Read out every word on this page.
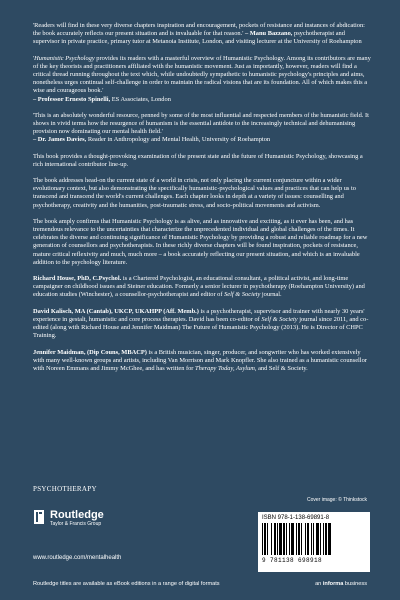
'Readers will find in these very diverse chapters inspiration and encouragement, pockets of resistance and instances of abdication: the book accurately reflects our present situation and is invaluable for that reason.' – Manu Bazzano, psychotherapist and supervisor in private practice, primary tutor at Metanoia Institute, London, and visiting lecturer at the University of Roehampton

'Humanistic Psychology provides its readers with a masterful overview of Humanistic Psychology. Among its contributors are many of the key theorists and practitioners affiliated with the humanistic movement. Just as importantly, however, readers will find a critical thread running throughout the text which, while undoubtedly sympathetic to humanistic psychology's principles and aims, nonetheless urges continual self-challenge in order to maintain the radical visions that are its foundation. All of which makes this a wise and courageous book.'
– Professor Ernesto Spinelli, ES Associates, London

'This is an absolutely wonderful resource, penned by some of the most influential and respected members of the humanistic field. It shows in vivid terms how the resurgence of humanism is the essential antidote to the increasingly technical and dehumanising provision now dominating our mental health field.'
– Dr. James Davies, Reader in Anthropology and Mental Health, University of Roehampton

This book provides a thought-provoking examination of the present state and the future of Humanistic Psychology, showcasing a rich international contributor line-up.

The book addresses head-on the current state of a world in crisis, not only placing the current conjuncture within a wider evolutionary context, but also demonstrating the specifically humanistic-psychological values and practices that can help us to transcend and transcend the world's current challenges. Each chapter looks in depth at a variety of issues: counselling and psychotherapy, creativity and the humanities, post-traumatic stress, and socio-political movements and activism.

The book amply confirms that Humanistic Psychology is as alive, and as innovative and exciting, as it ever has been, and has tremendous relevance to the uncertainties that characterize the unprecedented individual and global challenges of the times. It celebrates the diverse and continuing significance of Humanistic Psychology by providing a robust and reliable roadmap for a new generation of counsellors and psychotherapists. In these richly diverse chapters will be found inspiration, pockets of resistance, mature critical reflexivity and much, much more – a book accurately reflecting our present situation, and which is an invaluable addition to the psychology literature.

Richard House, PhD, C.Psychol. is a Chartered Psychologist, an educational consultant, a political activist, and long-time campaigner on childhood issues and Steiner education. Formerly a senior lecturer in psychotherapy (Roehampton University) and education studies (Winchester), a counsellor-psychotherapist and editor of Self & Society journal.

David Kalisch, MA (Cantab), UKCP, UKAHPP (Aff. Memb.) is a psychotherapist, supervisor and trainer with nearly 30 years' experience in gestalt, humanistic and core process therapies. David has been co-editor of Self & Society journal since 2011, and co-edited (along with Richard House and Jennifer Maidman) The Future of Humanistic Psychology (2013). He is Director of CHPC Training.

Jennifer Maidman, (Dip Couns, MBACP) is a British musician, singer, producer, and songwriter who has worked extensively with many well-known groups and artists, including Van Morrison and Mark Knopfler. She also trained as a humanistic counsellor with Noreen Emmans and Jimmy McGhee, and has written for Therapy Today, Asylum, and Self & Society.

PSYCHOTHERAPY
Cover image: © Thinkstock
Routledge
Taylor & Francis Group
www.routledge.com/mentalhealth
Routledge titles are available as eBook editions in a range of digital formats
ISBN 978-1-138-69891-8
9 781138 698918
an informa business
